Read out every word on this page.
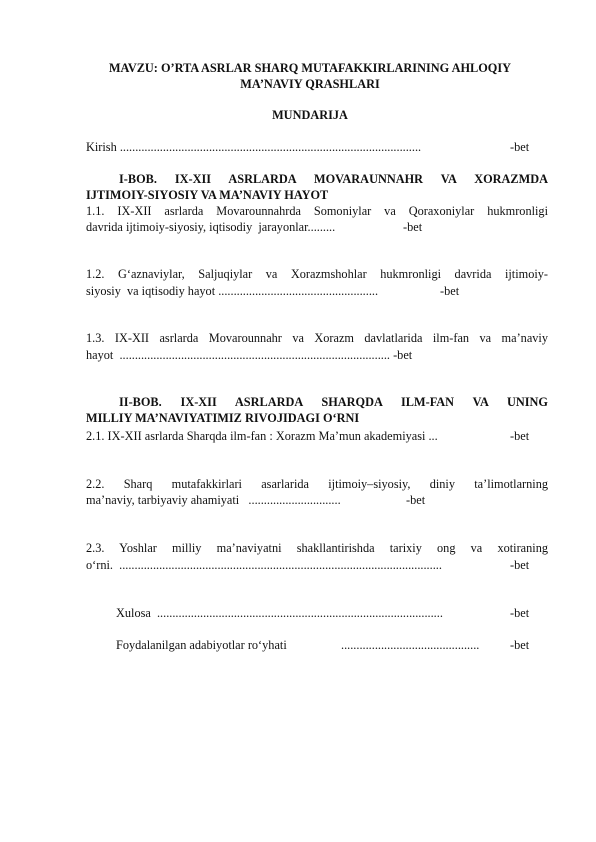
MAVZU: O’RTA ASRLAR SHARQ MUTAFAKKIRLARINING AHLOQIY
MA’NAVIY QRASHLARI
MUNDARIJA
Kirish ..................................................................................................	-bet
I-BOB. IX-XII ASRLARDA MOVARAUNNAHR VA XORAZMDA
IJTIMOIY-SIYOSIY VA MA’NAVIY HAYOT
1.1. IX-XII asrlarda Movarounnahrda Somoniylar va Qoraxoniylar hukmronligi
davrida ijtimoiy-siyosiy, iqtisodiy  jarayonlar.........	-bet
1.2. G‘aznaviylar, Saljuqiylar va Xorazmshohlar hukmronligi davrida ijtimoiy-
siyosiy  va iqtisodiy hayot ....................................................	-bet
1.3. IX-XII asrlarda Movarounnahr va Xorazm davlatlarida ilm-fan va ma’naviy
hayot  ........................................................................................ -bet
II-BOB. IX-XII ASRLARDA SHARQDA ILM-FAN VA UNING
MILLIY MA’NAVIYATIMIZ RIVOJIDAGI O‘RNI
2.1. IX-XII asrlarda Sharqda ilm-fan : Xorazm Ma’mun akademiyasi ...	-bet
2.2. Sharq mutafakkirlari asarlarida ijtimoiy–siyosiy, diniy ta’limotlarning
ma’naviy, tarbiyaviy ahamiyati   ..............................	-bet
2.3. Yoshlar milliy ma’naviyatni shakllantirishda tarixiy ong va xotiraning
o‘rni.  .........................................................................................................	-bet
Xulosa  .............................................................................................	-bet
Foydalanilgan adabiyotlar ro‘yhati	............................................. -bet
